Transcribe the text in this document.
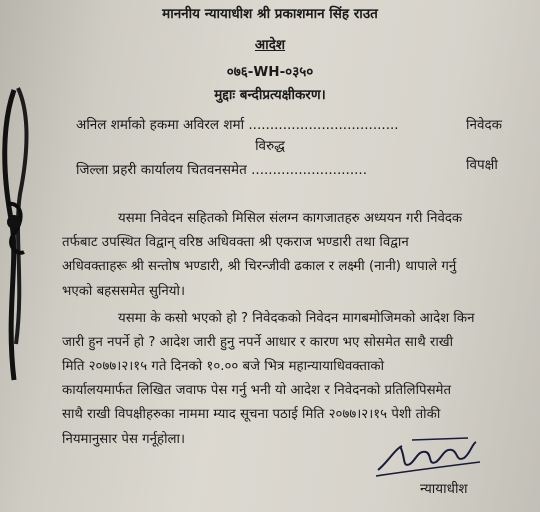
माननीय न्यायाधीश श्री प्रकाशमान सिंह राउत
आदेश
०७६-WH-०३५०
मुद्दाः बन्दीप्रत्यक्षीकरण।
अनिल शर्माको हकमा अविरल शर्मा ...................................	निवेदक
विरुद्ध
जिल्ला प्रहरी कार्यालय चितवनसमेत ...........................	विपक्षी
यसमा निवेदन सहितको मिसिल संलग्न कागजातहरु अध्ययन गरी निवेदक
तर्फबाट उपस्थित विद्वान् वरिष्ठ अधिवक्ता श्री एकराज भण्डारी तथा विद्वान
अधिवक्ताहरू श्री सन्तोष भण्डारी, श्री चिरन्जीवी ढकाल र लक्ष्मी (नानी) थापाले गर्नु
भएको बहससमेत सुनियो।
यसमा के कसो भएको हो ? निवेदकको निवेदन मागबमोजिमको आदेश किन
जारी हुन नपर्ने हो ? आदेश जारी हुनु नपर्ने आधार र कारण भए सोसमेत साथै राखी
मिति २०७७।२।१५ गते दिनको १०.०० बजे भित्र महान्यायाधिवक्ताको
कार्यालयमार्फत लिखित जवाफ पेस गर्नु भनी यो आदेश र निवेदनको प्रतिलिपिसमेत
साथै राखी विपक्षीहरुका नाममा म्याद सूचना पठाई मिति २०७७।२।१५ पेशी तोकी
नियमानुसार पेस गर्नूहोला।
न्यायाधीश
